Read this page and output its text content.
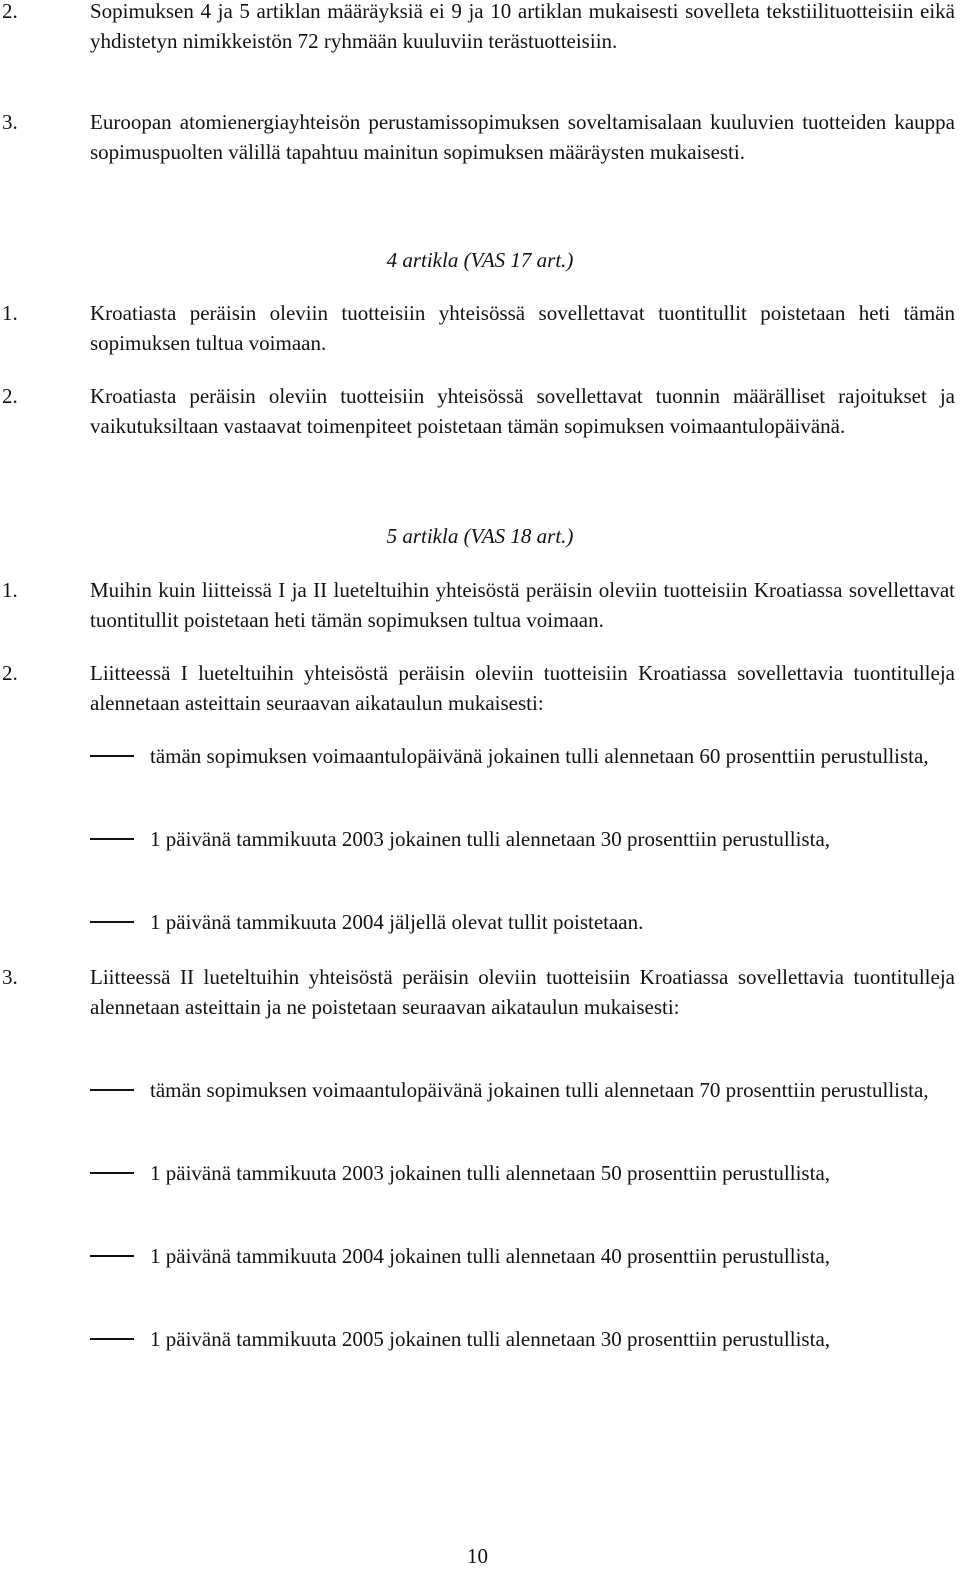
2.	Sopimuksen 4 ja 5 artiklan määräyksiä ei 9 ja 10 artiklan mukaisesti sovelleta tekstiilituotteisiin eikä yhdistetyn nimikkeistön 72 ryhmään kuuluviin terästuotteisiin.
3.	Euroopan atomienergiayhteisön perustamissopimuksen soveltamisalaan kuuluvien tuotteiden kauppa sopimuspuolten välillä tapahtuu mainitun sopimuksen määräysten mukaisesti.
4 artikla (VAS 17 art.)
1.	Kroatiasta peräisin oleviin tuotteisiin yhteisössä sovellettavat tuontitullit poistetaan heti tämän sopimuksen tultua voimaan.
2.	Kroatiasta peräisin oleviin tuotteisiin yhteisössä sovellettavat tuonnin määrälliset rajoitukset ja vaikutuksiltaan vastaavat toimenpiteet poistetaan tämän sopimuksen voimaantulopäivänä.
5 artikla (VAS 18 art.)
1.	Muihin kuin liitteissä I ja II lueteltuihin yhteisöstä peräisin oleviin tuotteisiin Kroatiassa sovellettavat tuontitullit poistetaan heti tämän sopimuksen tultua voimaan.
2.	Liitteessä I lueteltuihin yhteisöstä peräisin oleviin tuotteisiin Kroatiassa sovellettavia tuontitulleja alennetaan asteittain seuraavan aikataulun mukaisesti:
tämän sopimuksen voimaantulopäivänä jokainen tulli alennetaan 60 prosenttiin perustullista,
1 päivänä tammikuuta 2003 jokainen tulli alennetaan 30 prosenttiin perustullista,
1 päivänä tammikuuta 2004 jäljellä olevat tullit poistetaan.
3.	Liitteessä II lueteltuihin yhteisöstä peräisin oleviin tuotteisiin Kroatiassa sovellettavia tuontitulleja alennetaan asteittain ja ne poistetaan seuraavan aikataulun mukaisesti:
tämän sopimuksen voimaantulopäivänä jokainen tulli alennetaan 70 prosenttiin perustullista,
1 päivänä tammikuuta 2003 jokainen tulli alennetaan 50 prosenttiin perustullista,
1 päivänä tammikuuta 2004 jokainen tulli alennetaan 40 prosenttiin perustullista,
1 päivänä tammikuuta 2005 jokainen tulli alennetaan 30 prosenttiin perustullista,
10
